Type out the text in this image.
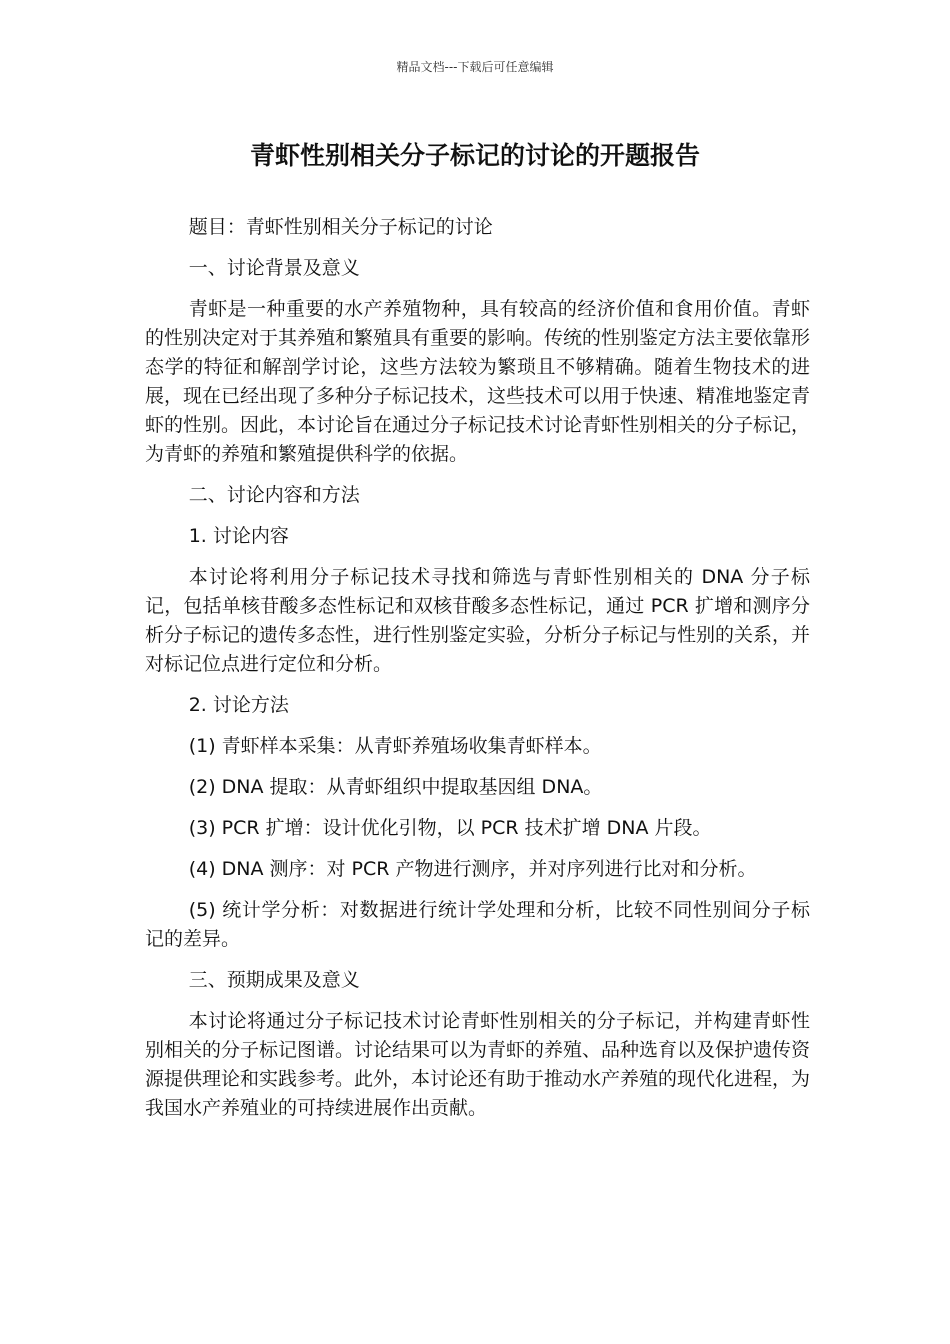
精品文档---下载后可任意编辑
青虾性别相关分子标记的讨论的开题报告

题目：青虾性别相关分子标记的讨论

一、讨论背景及意义

青虾是一种重要的水产养殖物种，具有较高的经济价值和食用价值。青虾的性别决定对于其养殖和繁殖具有重要的影响。传统的性别鉴定方法主要依靠形态学的特征和解剖学讨论，这些方法较为繁琐且不够精确。随着生物技术的进展，现在已经出现了多种分子标记技术，这些技术可以用于快速、精准地鉴定青虾的性别。因此，本讨论旨在通过分子标记技术讨论青虾性别相关的分子标记，为青虾的养殖和繁殖提供科学的依据。

二、讨论内容和方法

1. 讨论内容

本讨论将利用分子标记技术寻找和筛选与青虾性别相关的 DNA 分子标记，包括单核苷酸多态性标记和双核苷酸多态性标记，通过 PCR 扩增和测序分析分子标记的遗传多态性，进行性别鉴定实验，分析分子标记与性别的关系，并对标记位点进行定位和分析。

2. 讨论方法

(1) 青虾样本采集：从青虾养殖场收集青虾样本。

(2) DNA 提取：从青虾组织中提取基因组 DNA。

(3) PCR 扩增：设计优化引物，以 PCR 技术扩增 DNA 片段。

(4) DNA 测序：对 PCR 产物进行测序，并对序列进行比对和分析。

(5) 统计学分析：对数据进行统计学处理和分析，比较不同性别间分子标记的差异。

三、预期成果及意义

本讨论将通过分子标记技术讨论青虾性别相关的分子标记，并构建青虾性别相关的分子标记图谱。讨论结果可以为青虾的养殖、品种选育以及保护遗传资源提供理论和实践参考。此外，本讨论还有助于推动水产养殖的现代化进程，为我国水产养殖业的可持续进展作出贡献。
